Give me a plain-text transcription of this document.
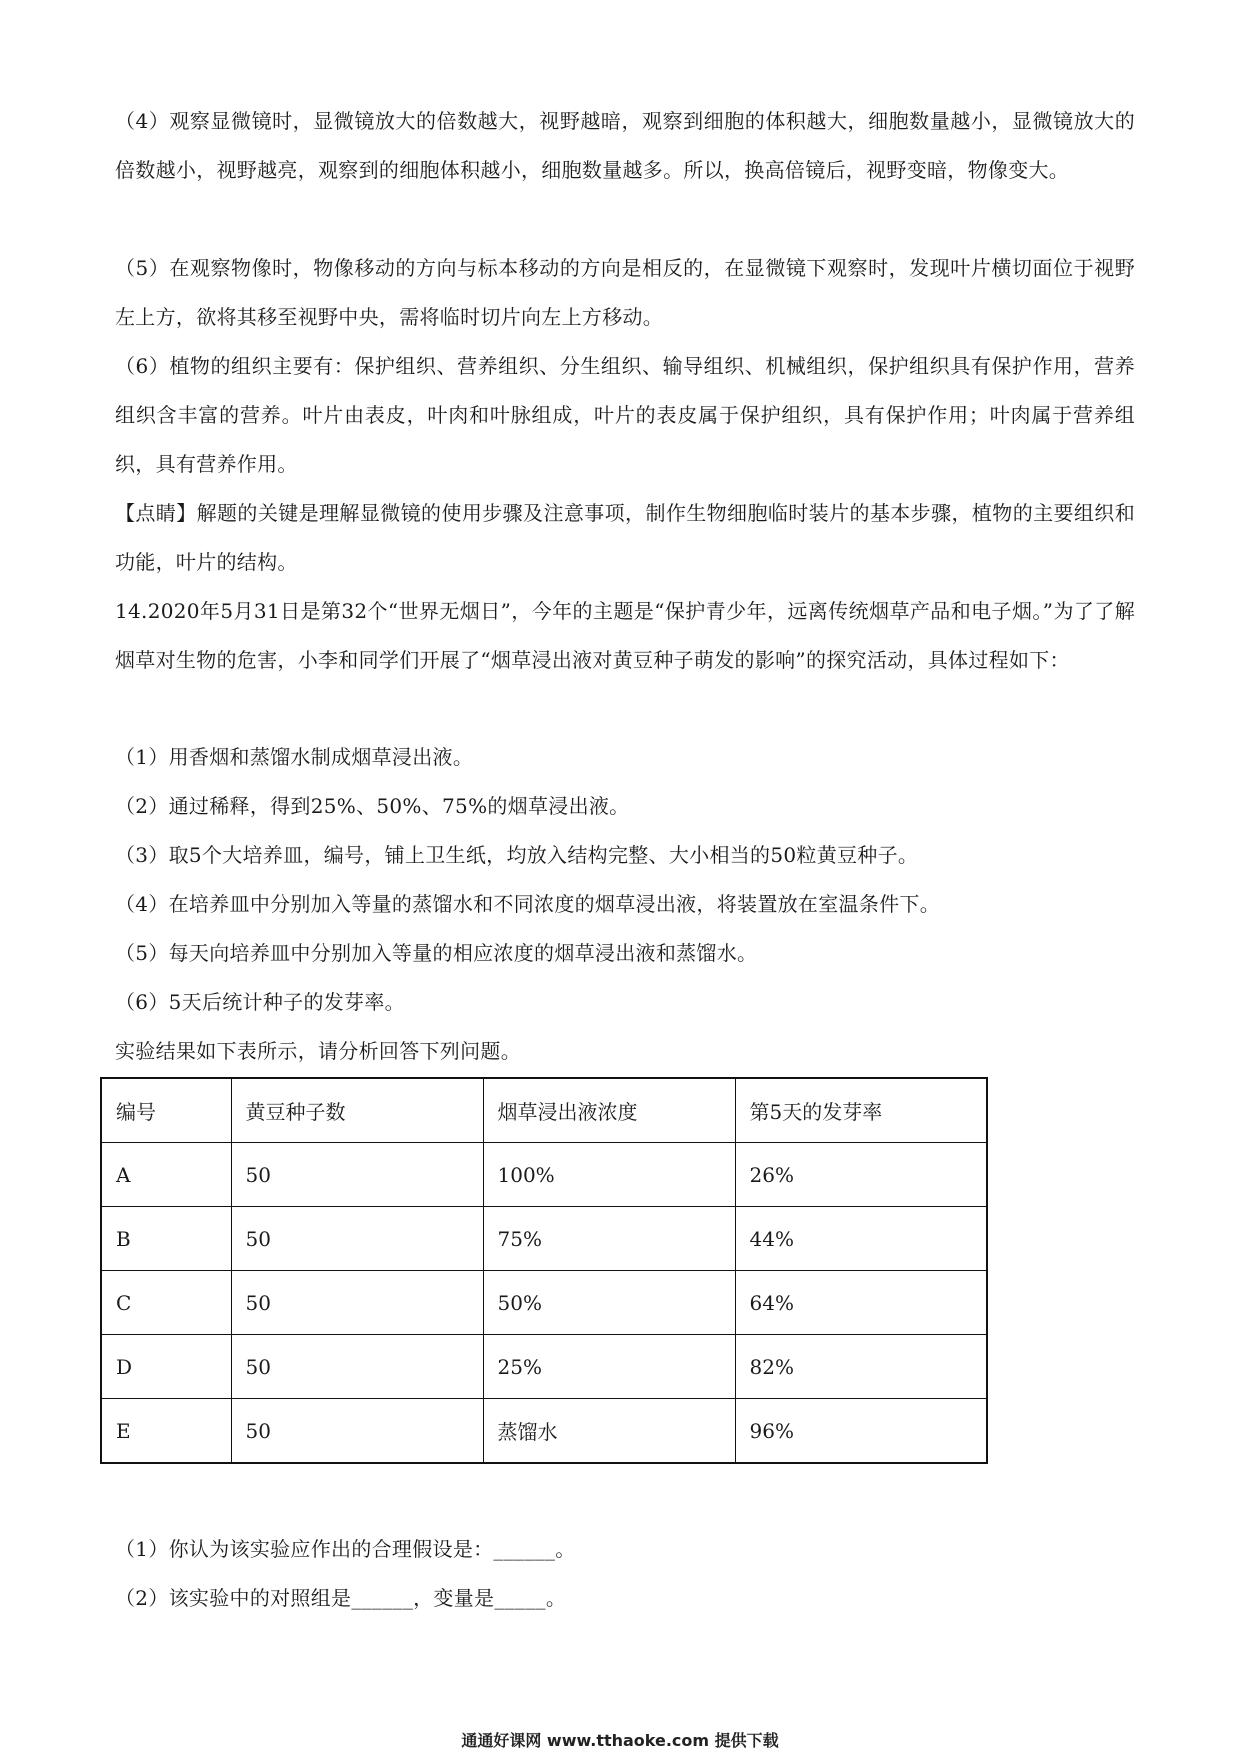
（4）观察显微镜时，显微镜放大的倍数越大，视野越暗，观察到细胞的体积越大，细胞数量越小，显微镜放大的倍数越小，视野越亮，观察到的细胞体积越小，细胞数量越多。所以，换高倍镜后，视野变暗，物像变大。

（5）在观察物像时，物像移动的方向与标本移动的方向是相反的，在显微镜下观察时，发现叶片横切面位于视野左上方，欲将其移至视野中央，需将临时切片向左上方移动。

（6）植物的组织主要有：保护组织、营养组织、分生组织、输导组织、机械组织，保护组织具有保护作用，营养组织含丰富的营养。叶片由表皮，叶肉和叶脉组成，叶片的表皮属于保护组织，具有保护作用；叶肉属于营养组织，具有营养作用。

【点睛】解题的关键是理解显微镜的使用步骤及注意事项，制作生物细胞临时装片的基本步骤，植物的主要组织和功能，叶片的结构。

14.2020年5月31日是第32个“世界无烟日”，今年的主题是“保护青少年，远离传统烟草产品和电子烟。”为了了解烟草对生物的危害，小李和同学们开展了“烟草浸出液对黄豆种子萌发的影响”的探究活动，具体过程如下：

（1）用香烟和蒸馏水制成烟草浸出液。

（2）通过稀释，得到25%、50%、75%的烟草浸出液。

（3）取5个大培养皿，编号，铺上卫生纸，均放入结构完整、大小相当的50粒黄豆种子。

（4）在培养皿中分别加入等量的蒸馏水和不同浓度的烟草浸出液，将装置放在室温条件下。

（5）每天向培养皿中分别加入等量的相应浓度的烟草浸出液和蒸馏水。

（6）5天后统计种子的发芽率。

实验结果如下表所示，请分析回答下列问题。

编号	黄豆种子数	烟草浸出液浓度	第5天的发芽率
A	50	100%	26%
B	50	75%	44%
C	50	50%	64%
D	50	25%	82%
E	50	蒸馏水	96%

（1）你认为该实验应作出的合理假设是：______。

（2）该实验中的对照组是______，变量是_____。

通通好课网 www.tthaoke.com 提供下载
